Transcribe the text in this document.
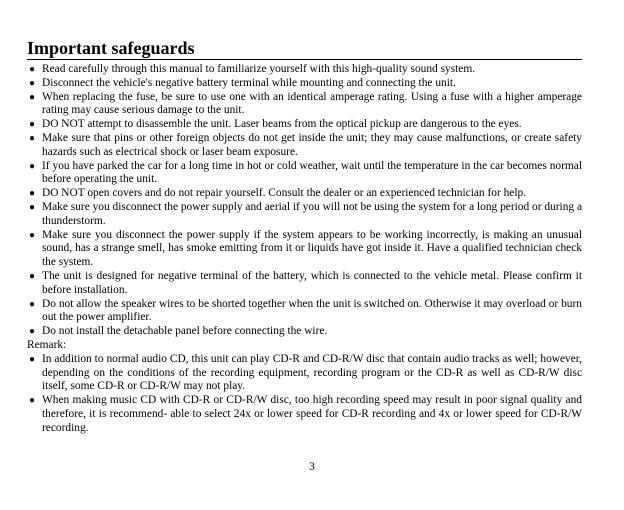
Important safeguards
● Read carefully through this manual to familiarize yourself with this high-quality sound system.
● Disconnect the vehicle's negative battery terminal while mounting and connecting the unit.
● When replacing the fuse, be sure to use one with an identical amperage rating. Using a fuse with a higher amperage rating may cause serious damage to the unit.
● DO NOT attempt to disassemble the unit. Laser beams from the optical pickup are dangerous to the eyes.
● Make sure that pins or other foreign objects do not get inside the unit; they may cause malfunctions, or create safety hazards such as electrical shock or laser beam exposure.
● If you have parked the car for a long time in hot or cold weather, wait until the temperature in the car becomes normal before operating the unit.
● DO NOT open covers and do not repair yourself. Consult the dealer or an experienced technician for help.
● Make sure you disconnect the power supply and aerial if you will not be using the system for a long period or during a thunderstorm.
● Make sure you disconnect the power supply if the system appears to be working incorrectly, is making an unusual sound, has a strange smell, has smoke emitting from it or liquids have got inside it. Have a qualified technician check the system.
● The unit is designed for negative terminal of the battery, which is connected to the vehicle metal. Please confirm it before installation.
● Do not allow the speaker wires to be shorted together when the unit is switched on. Otherwise it may overload or burn out the power amplifier.
● Do not install the detachable panel before connecting the wire.
Remark:
● In addition to normal audio CD, this unit can play CD-R and CD-R/W disc that contain audio tracks as well; however, depending on the conditions of the recording equipment, recording program or the CD-R as well as CD-R/W disc itself, some CD-R or CD-R/W may not play.
● When making music CD with CD-R or CD-R/W disc, too high recording speed may result in poor signal quality and therefore, it is recommend- able to select 24x or lower speed for CD-R recording and 4x or lower speed for CD-R/W recording.
3
